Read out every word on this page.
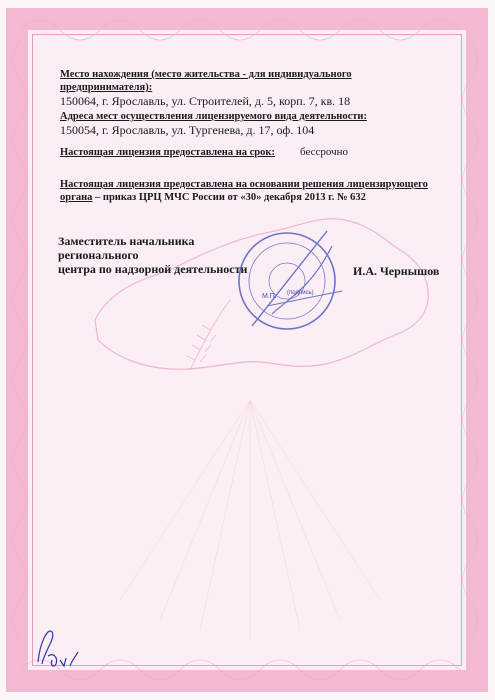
Место нахождения (место жительства - для индивидуального предпринимателя):
150064, г. Ярославль, ул. Строителей, д. 5, корп. 7, кв. 18
Адреса мест осуществления лицензируемого вида деятельности:
150054, г. Ярославль, ул. Тургенева, д. 17, оф. 104
Настоящая лицензия предоставлена на срок: бессрочно
Настоящая лицензия предоставлена на основании решения лицензирующего
органа – приказ ЦРЦ МЧС России от «30» декабря 2013 г. № 632
Заместитель начальника регионального
центра по надзорной деятельности
М.П. (подпись)
И.А. Чернышов
